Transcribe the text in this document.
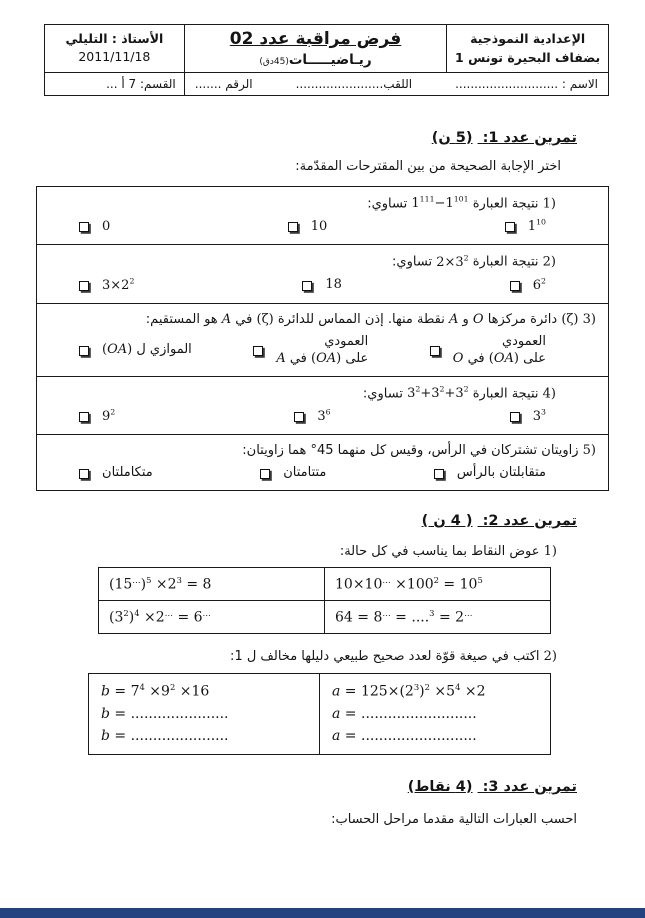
الإعدادية النموذجية
بضفاف البحيرة تونس 1

فرض مراقبة عدد 02
ريـاضيـــــات(45دق)

الأستاذ : التليلي
2011/11/18

الاسم : ...........................
اللقب.......................
الرقم .......		القسم: 7 أ ...
تمرين عدد 1: (5 ن)
اختر الإجابة الصحيحة من بين المقترحات المقدّمة:
1) نتيجة العبارة $1^{111}-1^{101}$ تساوي:
$1^{10}$
10
0
2) نتيجة العبارة $2\times 3^2$ تساوي:
$6^2$
18
$3\times 2^2$
3) (ζ) دائرة مركزها O و A نقطة منها. إذن المماس للدائرة (ζ) في A هو المستقيم:
العمودي
على (OA) في O
العمودي
على (OA) في A
الموازي ل (OA)
4) نتيجة العبارة $3^2+3^2+3^2$ تساوي:
$3^3$
$3^6$
$9^2$
5) زاويتان تشتركان في الرأس، وقيس كل منهما 45° هما زاويتان:
متقابلتان بالرأس
متتامتان
متكاملتان
تمرين عدد 2: ( 4 ن )
1) عوض النقاط بما يناسب في كل حالة:
$10\times 10^\dots \times 100^2 = 10^5$	$(15^\dots)^5 \times 2^3 = 8$
64 = 8… = ....$^3$ = 2…	$(3^2)^4 \times 2^\dots = 6^\dots$
2) اكتب في صيغة قوّة لعدد صحيح طبيعي دليلها مخالف ل 1:
$a = 125\times(2^3)^2 \times 5^4 \times 2$
a = ..........................
a = ..........................

$b = 7^4 \times 9^2 \times 16$
b = ......................
b = ......................
تمرين عدد 3: (4 نقاط)
احسب العبارات التالية مقدما مراحل الحساب:
